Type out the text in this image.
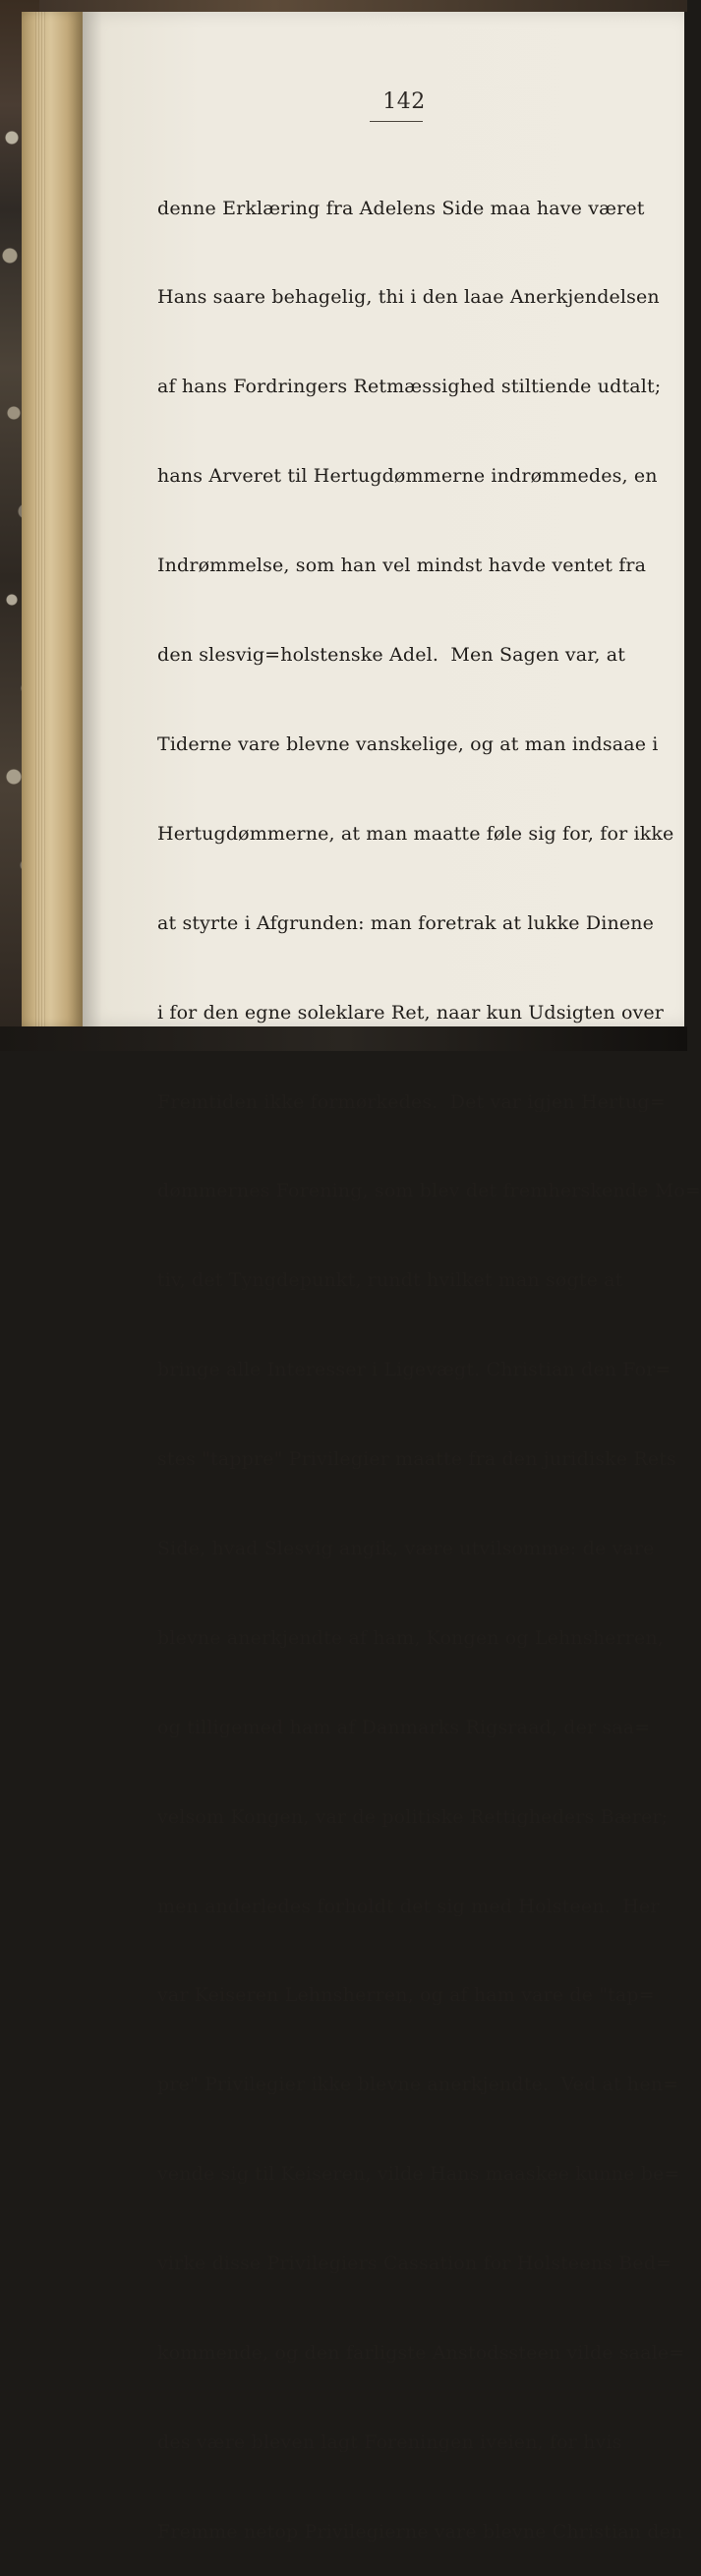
142

denne Erklæring fra Adelens Side maa have været

Hans saare behagelig, thi i den laae Anerkjendelsen

af hans Fordringers Retmæssighed stiltiende udtalt;

hans Arveret til Hertugdømmerne indrømmedes, en

Indrømmelse, som han vel mindst havde ventet fra

den slesvig=holstenske Adel.  Men Sagen var, at

Tiderne vare blevne vanskelige, og at man indsaae i

Hertugdømmerne, at man maatte føle sig for, for ikke

at styrte i Afgrunden: man foretrak at lukke Dinene

i for den egne soleklare Ret, naar kun Udsigten over

Fremtiden ikke formørkedes.  Det var igjen Hertug=

dømmernes Forening, som blev det fremherskende Mo=

tiv, det Tyngdepunkt, rundt hvilket man søgte at

bringe alle Interesser i Ligevægt. Christian den For=

stes "tappre" Privilegier maatte fra den juridiske Rets

Side, hvad Slesvig angik, være utvilsomme: de vare

blevne anerkjendte af ham, Kongen og Lehnsherren,

og tilligemed ham af Danmarks Rigsraad, der saa=

velsom Kongen, var de politiske Rettigheders Bærer;

men anderledes forholdt det sig med Holsteen.  Her

var Keiseren Lehnsherren, og af ham vare de "tap=

pre" Privilegier ikke blevne anerkjendte.  Ved at hen=

vende sig til Keiseren, vilde Hans maaskee kunne be=

virke disse Privilegiers Cassation for Holsteens Bed=

kommende, og den farligste Anstodssteen vilde saale=

des være bleven lagt Foreningen iveien, for hvis

Fremme netop Privilegierne vare blevne Christian den
